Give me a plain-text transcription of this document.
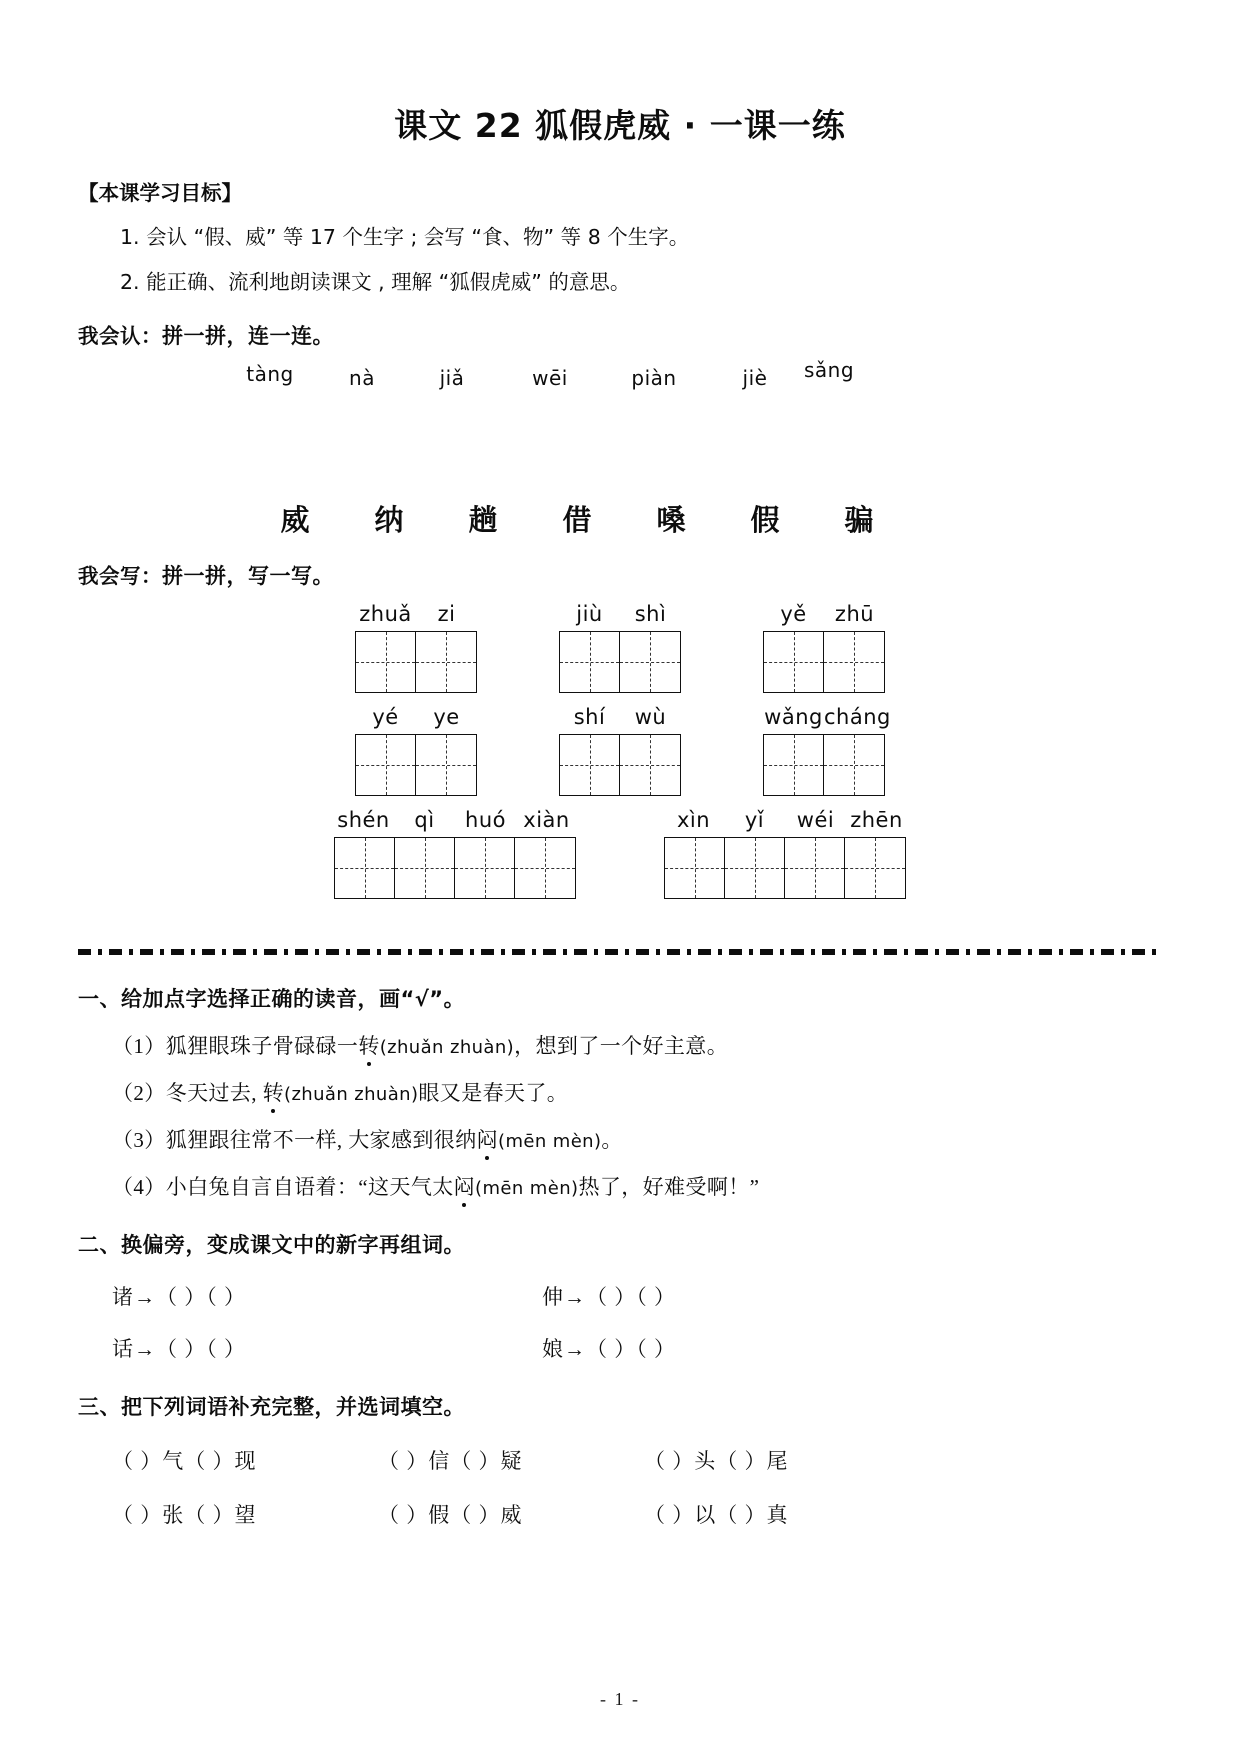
课文 22 狐假虎威 · 一课一练
【本课学习目标】
1. 会认 “假、威” 等 17 个生字 ; 会写 “食、物” 等 8 个生字。
2. 能正确、流利地朗读课文 , 理解 “狐假虎威” 的意思。
我会认：拼一拼，连一连。
tàng	nà	jiǎ	wēi	piàn	jiè	sǎng
威	纳	趟	借	嗓	假	骗
我会写：拼一拼，写一写。
zhuǎ	zi	jiù	shì	yě	zhū
yé	ye	shí	wù	wǎng cháng
shén	qì	huó xiàn	xìn	yǐ	wéi zhēn
一、给加点字选择正确的读音，画“√”。
（1）狐狸眼珠子骨碌碌一转(zhuǎn zhuàn)，想到了一个好主意。
（2）冬天过去, 转(zhuǎn zhuàn)眼又是春天了。
（3）狐狸跟往常不一样, 大家感到很纳闷(mēn mèn)。
（4）小白兔自言自语着：“这天气太闷(mēn mèn)热了，好难受啊！”
二、换偏旁，变成课文中的新字再组词。
诸→（ ）（ ）	伸→（ ）（ ）
话→（ ）（ ）	娘→（ ）（ ）
三、把下列词语补充完整，并选词填空。
（ ）气（ ）现	（ ）信（ ）疑	（ ）头（ ）尾
（ ）张（ ）望	（ ）假（ ）威	（ ）以（ ）真
- 1 -
